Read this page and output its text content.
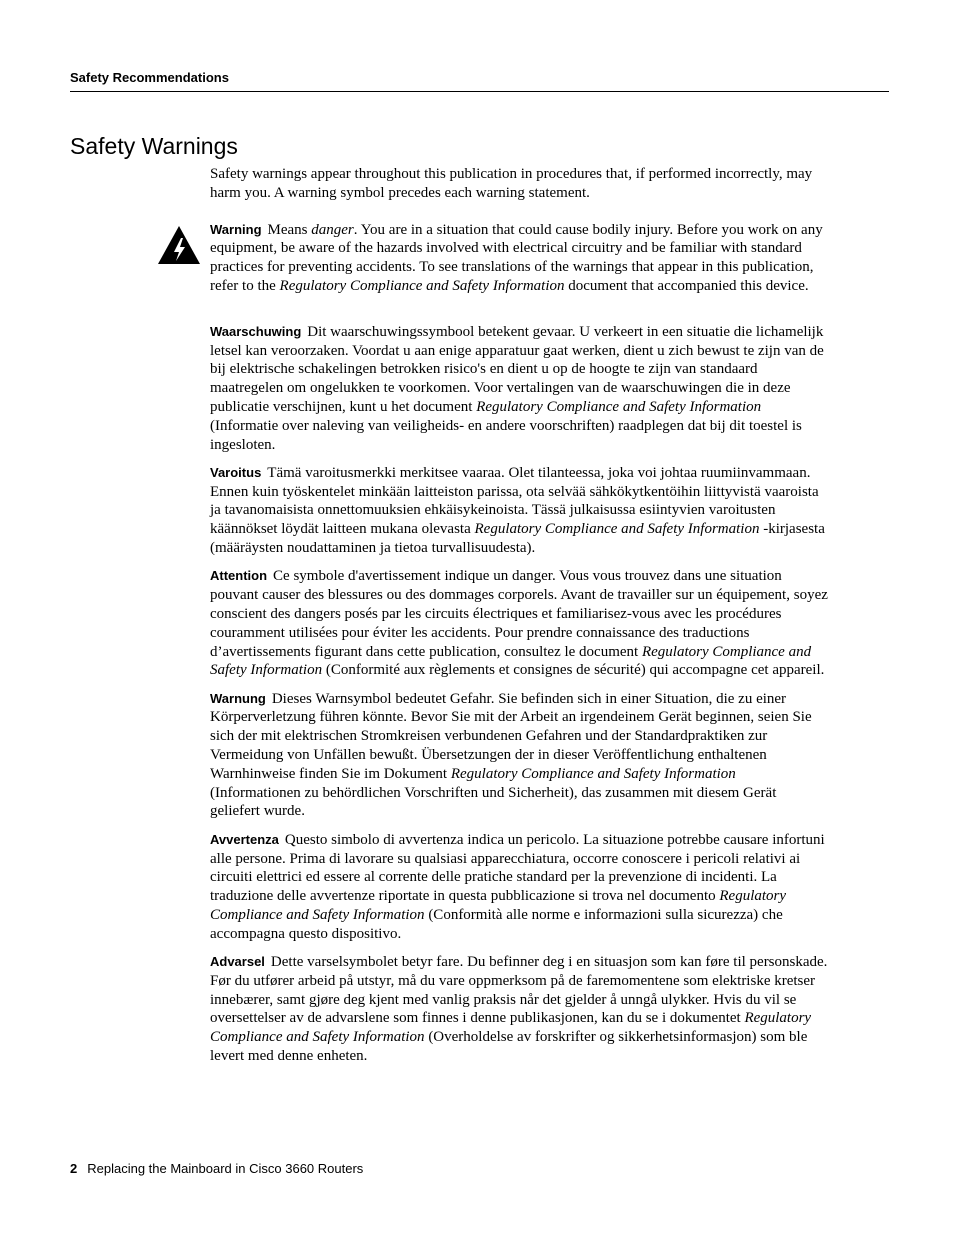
Safety Recommendations
Safety Warnings

Safety warnings appear throughout this publication in procedures that, if performed incorrectly, may harm you. A warning symbol precedes each warning statement.

Warning Means danger. You are in a situation that could cause bodily injury. Before you work on any equipment, be aware of the hazards involved with electrical circuitry and be familiar with standard practices for preventing accidents. To see translations of the warnings that appear in this publication, refer to the Regulatory Compliance and Safety Information document that accompanied this device.

Waarschuwing Dit waarschuwingssymbool betekent gevaar. U verkeert in een situatie die lichamelijk letsel kan veroorzaken. Voordat u aan enige apparatuur gaat werken, dient u zich bewust te zijn van de bij elektrische schakelingen betrokken risico's en dient u op de hoogte te zijn van standaard maatregelen om ongelukken te voorkomen. Voor vertalingen van de waarschuwingen die in deze publicatie verschijnen, kunt u het document Regulatory Compliance and Safety Information (Informatie over naleving van veiligheids- en andere voorschriften) raadplegen dat bij dit toestel is ingesloten.

Varoitus Tämä varoitusmerkki merkitsee vaaraa. Olet tilanteessa, joka voi johtaa ruumiinvammaan. Ennen kuin työskentelet minkään laitteiston parissa, ota selvää sähkökytkentöihin liittyvistä vaaroista ja tavanomaisista onnettomuuksien ehkäisykeinoista. Tässä julkaisussa esiintyvien varoitusten käännökset löydät laitteen mukana olevasta Regulatory Compliance and Safety Information -kirjasesta (määräysten noudattaminen ja tietoa turvallisuudesta).

Attention Ce symbole d'avertissement indique un danger. Vous vous trouvez dans une situation pouvant causer des blessures ou des dommages corporels. Avant de travailler sur un équipement, soyez conscient des dangers posés par les circuits électriques et familiarisez-vous avec les procédures couramment utilisées pour éviter les accidents. Pour prendre connaissance des traductions d’avertissements figurant dans cette publication, consultez le document Regulatory Compliance and Safety Information (Conformité aux règlements et consignes de sécurité) qui accompagne cet appareil.

Warnung Dieses Warnsymbol bedeutet Gefahr. Sie befinden sich in einer Situation, die zu einer Körperverletzung führen könnte. Bevor Sie mit der Arbeit an irgendeinem Gerät beginnen, seien Sie sich der mit elektrischen Stromkreisen verbundenen Gefahren und der Standardpraktiken zur Vermeidung von Unfällen bewußt. Übersetzungen der in dieser Veröffentlichung enthaltenen Warnhinweise finden Sie im Dokument Regulatory Compliance and Safety Information (Informationen zu behördlichen Vorschriften und Sicherheit), das zusammen mit diesem Gerät geliefert wurde.

Avvertenza Questo simbolo di avvertenza indica un pericolo. La situazione potrebbe causare infortuni alle persone. Prima di lavorare su qualsiasi apparecchiatura, occorre conoscere i pericoli relativi ai circuiti elettrici ed essere al corrente delle pratiche standard per la prevenzione di incidenti. La traduzione delle avvertenze riportate in questa pubblicazione si trova nel documento Regulatory Compliance and Safety Information (Conformità alle norme e informazioni sulla sicurezza) che accompagna questo dispositivo.

Advarsel Dette varselsymbolet betyr fare. Du befinner deg i en situasjon som kan føre til personskade. Før du utfører arbeid på utstyr, må du vare oppmerksom på de faremomentene som elektriske kretser innebærer, samt gjøre deg kjent med vanlig praksis når det gjelder å unngå ulykker. Hvis du vil se oversettelser av de advarslene som finnes i denne publikasjonen, kan du se i dokumentet Regulatory Compliance and Safety Information (Overholdelse av forskrifter og sikkerhetsinformasjon) som ble levert med denne enheten.

2 Replacing the Mainboard in Cisco 3660 Routers
